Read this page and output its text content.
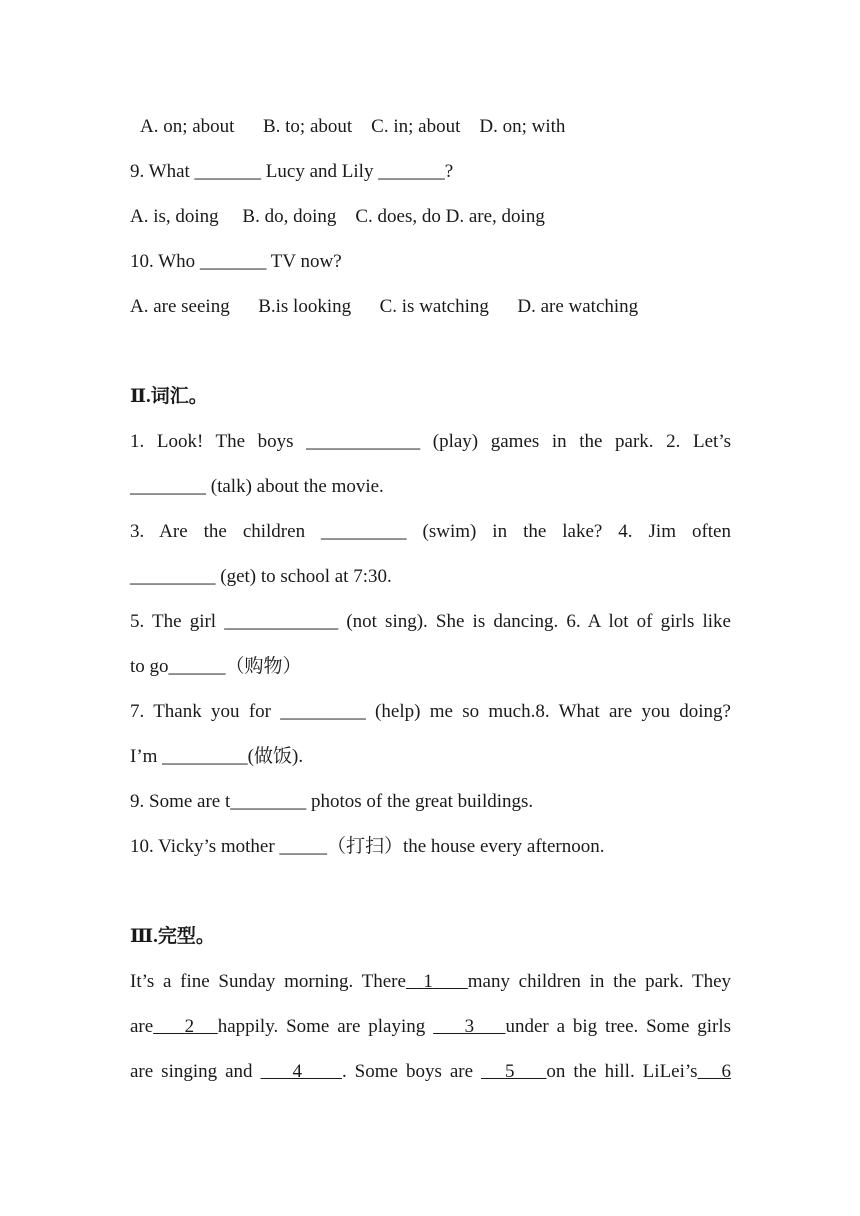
A. on; about      B. to; about    C. in; about    D. on; with
9. What _______ Lucy and Lily _______?
A. is, doing     B. do, doing    C. does, do D. are, doing
10. Who _______ TV now?
A. are seeing      B.is looking      C. is watching      D. are watching
Ⅱ.词汇。
1. Look! The boys ____________ (play) games in the park. 2. Let’s
________ (talk) about the movie.
3. Are the children _________ (swim) in the lake? 4. Jim often
_________ (get) to school at 7:30.
5. The girl ____________ (not sing). She is dancing. 6. A lot of girls like
to go______（购物）
7. Thank you for _________ (help) me so much.8. What are you doing?
I’m _________(做饭).
9. Some are t________ photos of the great buildings.
10. Vicky’s mother _____（打扫）the house every afternoon.
Ⅲ.完型。
It’s a fine Sunday morning. There 1 many children in the park. They
are 2 happily. Some are playing     3 under a big tree. Some girls
are singing and     4 . Some boys are    5 on the hill. LiLei’s 6
